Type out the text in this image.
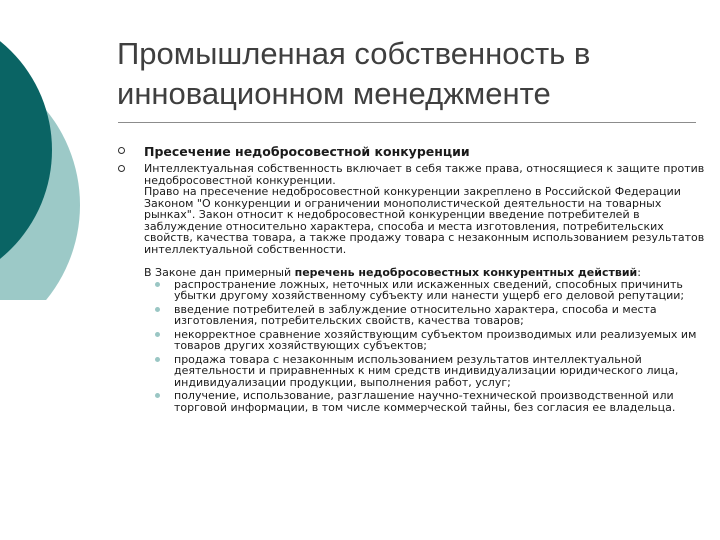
Промышленная собственность в
инновационном менеджменте
Пресечение недобросовестной конкуренции

Интеллектуальная собственность включает в себя также права, относящиеся к защите против недобросовестной конкуренции.

Право на пресечение недобросовестной конкуренции закреплено в Российской Федерации Законом "О конкуренции и ограничении монополистической деятельности на товарных рынках". Закон относит к недобросовестной конкуренции введение потребителей в заблуждение относительно характера, способа и места изготовления, потребительских свойств, качества товара, а также продажу товара с незаконным использованием результатов интеллектуальной собственности.

В Законе дан примерный перечень недобросовестных конкурентных действий:

распространение ложных, неточных или искаженных сведений, способных причинить убытки другому хозяйственному субъекту или нанести ущерб его деловой репутации;
введение потребителей в заблуждение относительно характера, способа и места изготовления, потребительских свойств, качества товаров;
некорректное сравнение хозяйствующим субъектом производимых или реализуемых им товаров других хозяйствующих субъектов;
продажа товара с незаконным использованием результатов интеллектуальной деятельности и приравненных к ним средств индивидуализации юридического лица, индивидуализации продукции, выполнения работ, услуг;
получение, использование, разглашение научно-технической производственной или торговой информации, в том числе коммерческой тайны, без согласия ее владельца.
